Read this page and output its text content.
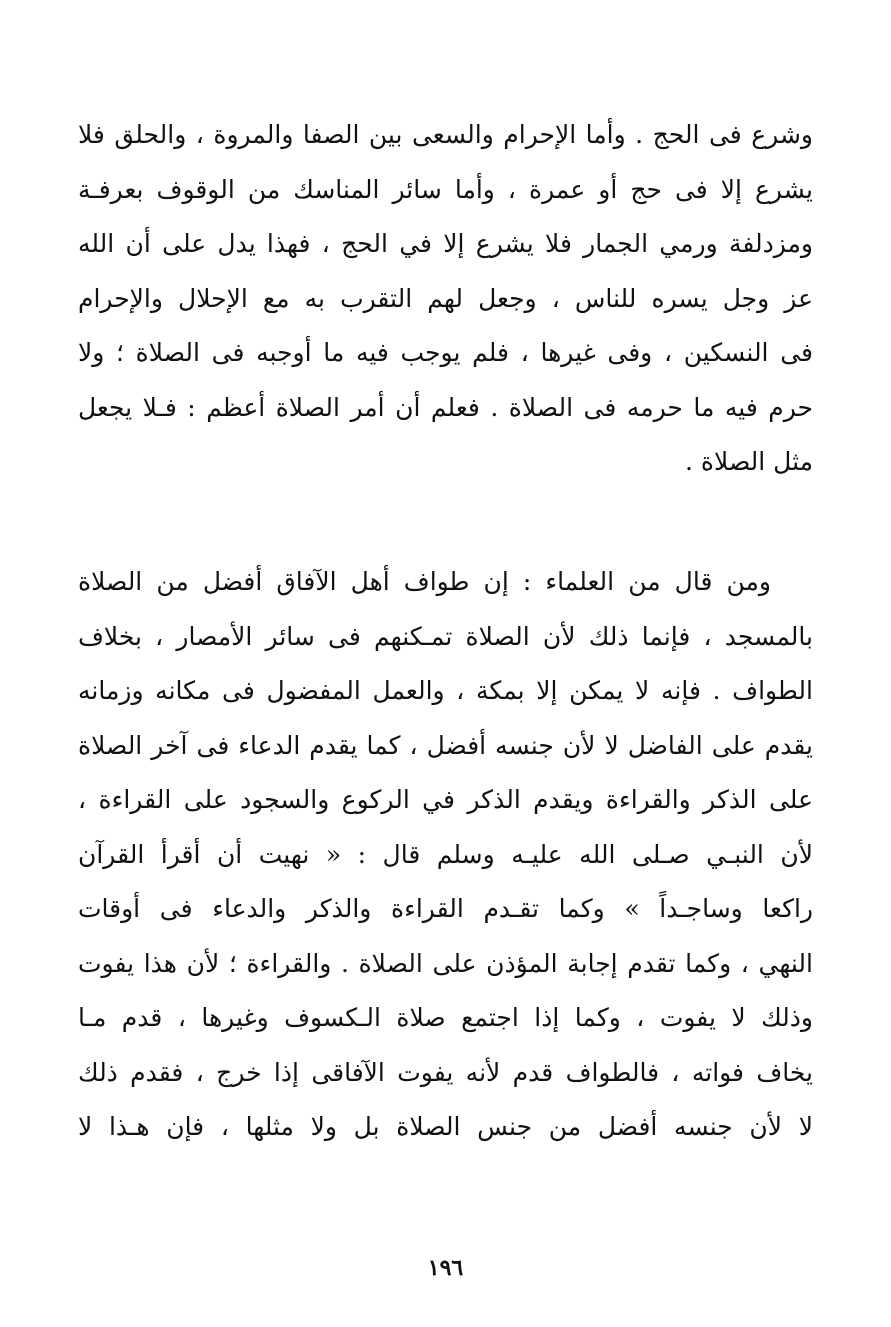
وشرع فى الحج . وأما الإحرام والسعى بين الصفا والمروة ، والحلق فلا
يشرع إلا فى حج أو عمرة ، وأما سائر المناسك من الوقوف بعرفـة
ومزدلفة ورمي الجمار فلا يشرع إلا في الحج ، فهذا يدل على أن الله
عز وجل يسره للناس ، وجعل لهم التقرب به مع الإحلال والإحرام
فى النسكين ، وفى غيرها ، فلم يوجب فيه ما أوجبه فى الصلاة ؛ ولا
حرم فيه ما حرمه فى الصلاة . فعلم أن أمر الصلاة أعظم : فـلا يجعل
مثل الصلاة .
ومن قال من العلماء : إن طواف أهل الآفاق أفضل من الصلاة
بالمسجد ، فإنما ذلك لأن الصلاة تمـكنهم فى سائر الأمصار ، بخلاف
الطواف . فإنه لا يمكن إلا بمكة ، والعمل المفضول فى مكانه وزمانه
يقدم على الفاضل لا لأن جنسه أفضل ، كما يقدم الدعاء فى آخر الصلاة
على الذكر والقراءة ويقدم الذكر في الركوع والسجود على القراءة ،
لأن النبـي صـلى الله عليـه وسلم قال : « نهيت أن أقرأ القرآن
راكعا وساجـداً » وكما تقـدم القراءة والذكر والدعاء فى أوقات
النهي ، وكما تقدم إجابة المؤذن على الصلاة . والقراءة ؛ لأن هذا يفوت
وذلك لا يفوت ، وكما إذا اجتمع صلاة الـكسوف وغيرها ، قدم مـا
يخاف فواته ، فالطواف قدم لأنه يفوت الآفاقى إذا خرج ، فقدم ذلك
لا لأن جنسه أفضل من جنس الصلاة بل ولا مثلها ، فإن هـذا لا
١٩٦
